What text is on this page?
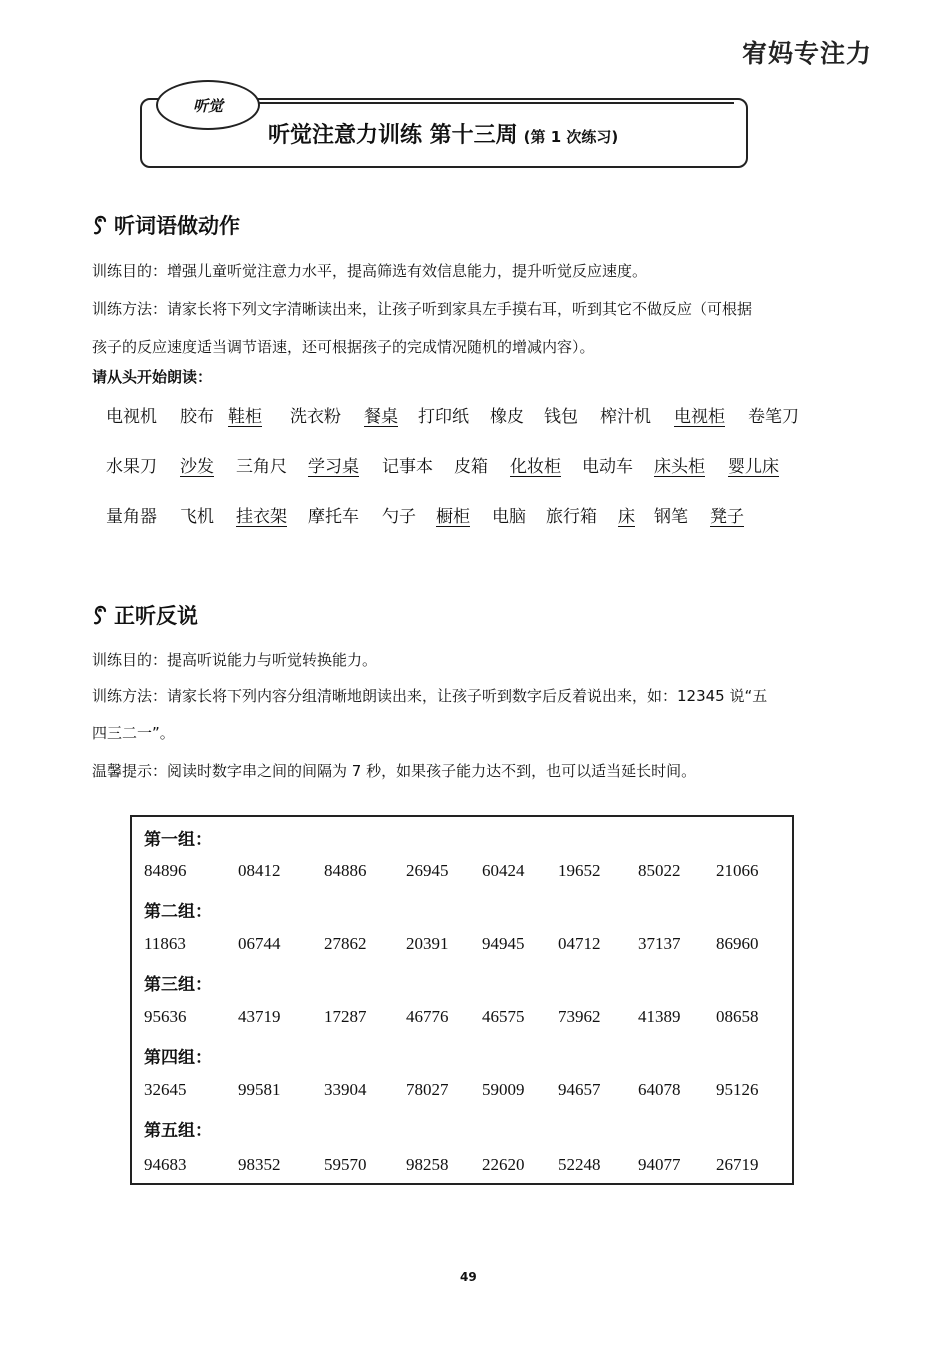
宥妈专注力
听觉
听觉注意力训练 第十三周 (第 1 次练习)
听词语做动作
训练目的：增强儿童听觉注意力水平，提高筛选有效信息能力，提升听觉反应速度。
训练方法：请家长将下列文字清晰读出来，让孩子听到家具左手摸右耳，听到其它不做反应（可根据
孩子的反应速度适当调节语速，还可根据孩子的完成情况随机的增减内容）。
请从头开始朗读：
电视机 胶布 鞋柜 洗衣粉 餐桌 打印纸 橡皮 钱包 榨汁机 电视柜 卷笔刀
水果刀 沙发 三角尺 学习桌 记事本 皮箱 化妆柜 电动车 床头柜 婴儿床
量角器 飞机 挂衣架 摩托车 勺子 橱柜 电脑 旅行箱 床 钢笔 凳子
正听反说
训练目的：提高听说能力与听觉转换能力。
训练方法：请家长将下列内容分组清晰地朗读出来，让孩子听到数字后反着说出来，如：12345 说“五
四三二一”。
温馨提示：阅读时数字串之间的间隔为 7 秒，如果孩子能力达不到，也可以适当延长时间。
第一组：
84896	08412	84886 26945 60424 19652 85022 21066
第二组：
11863	06744	27862 20391 94945 04712 37137 86960
第三组：
95636	43719	17287 46776 46575 73962 41389 08658
第四组：
32645	99581	33904 78027 59009 94657 64078 95126
第五组：
94683	98352	59570 98258 22620 52248 94077 26719
49
